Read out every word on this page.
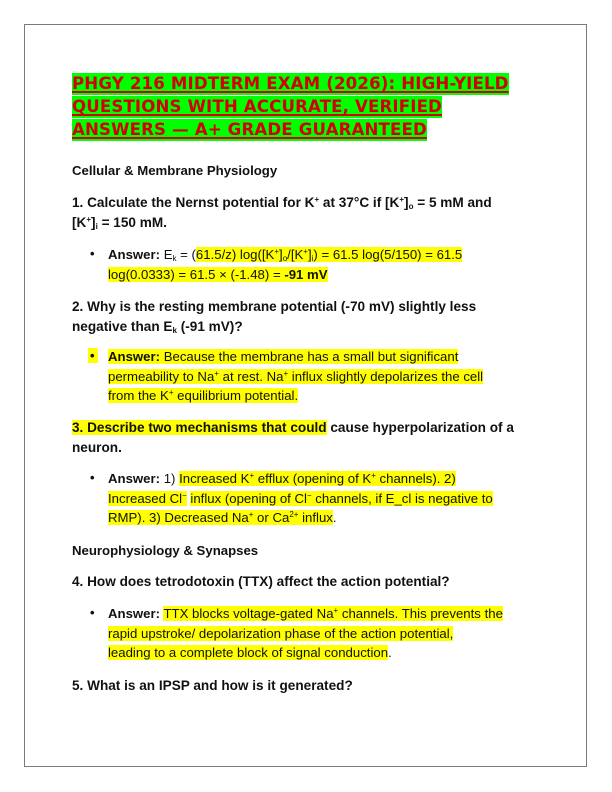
PHGY 216 MIDTERM EXAM (2026): HIGH-YIELD
QUESTIONS WITH ACCURATE, VERIFIED
ANSWERS — A+ GRADE GUARANTEED
Cellular & Membrane Physiology
1. Calculate the Nernst potential for K+ at 37°C if $[K^+]_o = 5$ mM and
$[K^+]_i = 150$ mM.
• Answer: $E_k = (61.5/z) \log([K^+]_o/[K^+]_i) = 61.5$ log(5/150) = 61.5
log(0.0333) = 61.5 × (-1.48) = -91 mV
2. Why is the resting membrane potential (-70 mV) slightly less
negative than $E_k$ (-91 mV)?
• Answer: Because the membrane has a small but significant
permeability to Na+ at rest. Na+ influx slightly depolarizes the cell
from the K+ equilibrium potential.
3. Describe two mechanisms that could cause hyperpolarization of a
neuron.
• Answer: 1) Increased K+ efflux (opening of K+ channels). 2)
Increased Cl− influx (opening of Cl− channels, if E_cl is negative to
RMP). 3) Decreased Na+ or $Ca^{2+}$ influx.
Neurophysiology & Synapses
4. How does tetrodotoxin (TTX) affect the action potential?
• Answer: TTX blocks voltage-gated Na+ channels. This prevents the
rapid upstroke/ depolarization phase of the action potential,
leading to a complete block of signal conduction.
5. What is an IPSP and how is it generated?
